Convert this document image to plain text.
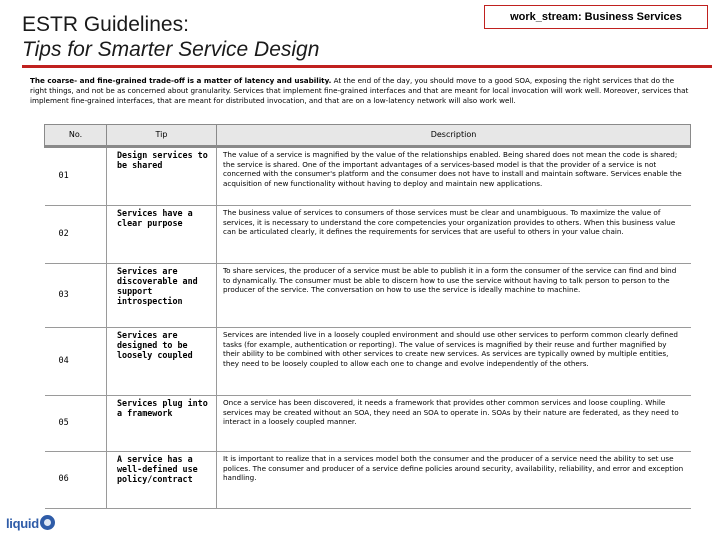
ESTR Guidelines:
Tips for Smarter Service Design
work_stream: Business Services

The coarse- and fine-grained trade-off is a matter of latency and usability. At the end of the day, you should move to a good SOA, exposing the right services that do the right things, and not be as concerned about granularity. Services that implement fine-grained interfaces and that are meant for local invocation will work well. Moreover, services that implement fine-grained interfaces, that are meant for distributed invocation, and that are on a low-latency network will also work well.

No.	Tip	Description
01	Design services to be shared	The value of a service is magnified by the value of the relationships enabled. Being shared does not mean the code is shared; the service is shared. One of the important advantages of a services-based model is that the provider of a service is not concerned with the consumer's platform and the consumer does not have to install and maintain software. Services enable the acquisition of new functionality without having to deploy and maintain new applications.
02	Services have a clear purpose	The business value of services to consumers of those services must be clear and unambiguous. To maximize the value of services, it is necessary to understand the core competencies your organization provides to others. When this business value can be articulated clearly, it defines the requirements for services that are useful to others in your value chain.
03	Services are discoverable and support introspection	To share services, the producer of a service must be able to publish it in a form the consumer of the service can find and bind to dynamically. The consumer must be able to discern how to use the service without having to talk person to person to the producer of the service. The conversation on how to use the service is ideally machine to machine.
04	Services are designed to be loosely coupled	Services are intended live in a loosely coupled environment and should use other services to perform common clearly defined tasks (for example, authentication or reporting). The value of services is magnified by their reuse and further magnified by their ability to be combined with other services to create new services. As services are typically owned by multiple entities, they need to be loosely coupled to allow each one to change and evolve independently of the others.
05	Services plug into a framework	Once a service has been discovered, it needs a framework that provides other common services and loose coupling. While services may be created without an SOA, they need an SOA to operate in. SOAs by their nature are federated, as they need to interact in a loosely coupled manner.
06	A service has a well-defined use policy/contract	It is important to realize that in a services model both the consumer and the producer of a service need the ability to set use polices. The consumer and producer of a service define policies around security, availability, reliability, and error and exception handling.
liquid
